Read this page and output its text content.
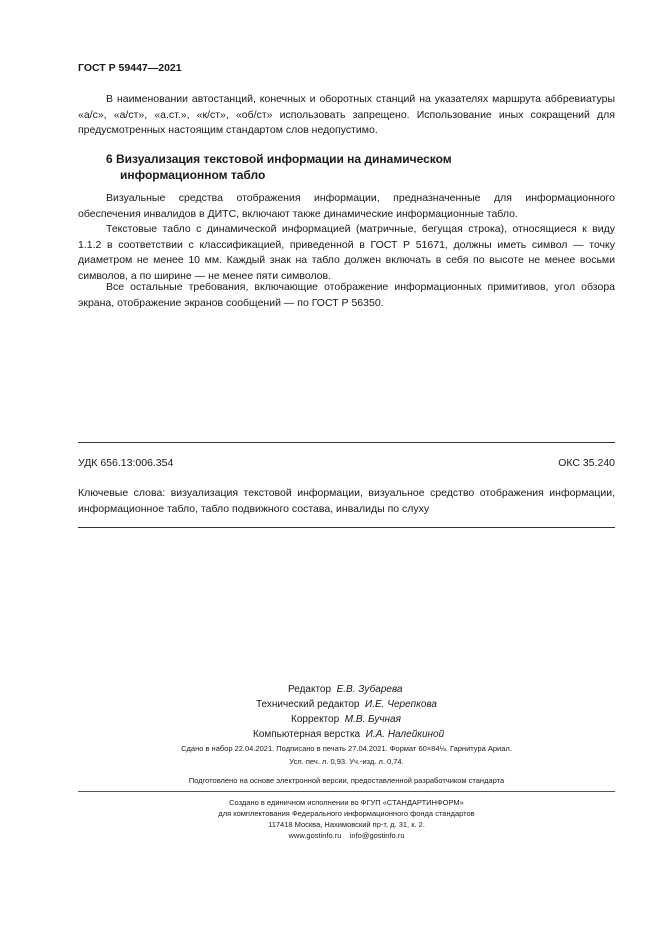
ГОСТ Р 59447—2021
В наименовании автостанций, конечных и оборотных станций на указателях маршрута аббревиатуры «а/с», «а/ст», «а.ст.», «к/ст», «об/ст» использовать запрещено. Использование иных сокращений для предусмотренных настоящим стандартом слов недопустимо.
6 Визуализация текстовой информации на динамическом
информационном табло
Визуальные средства отображения информации, предназначенные для информационного обеспечения инвалидов в ДИТС, включают также динамические информационные табло.
Текстовые табло с динамической информацией (матричные, бегущая строка), относящиеся к виду 1.1.2 в соответствии с классификацией, приведенной в ГОСТ Р 51671, должны иметь символ — точку диаметром не менее 10 мм. Каждый знак на табло должен включать в себя по высоте не менее восьми символов, а по ширине — не менее пяти символов.
Все остальные требования, включающие отображение информационных примитивов, угол обзора экрана, отображение экранов сообщений — по ГОСТ Р 56350.
УДК 656.13:006.354	ОКС 35.240
Ключевые слова: визуализация текстовой информации, визуальное средство отображения информации, информационное табло, табло подвижного состава, инвалиды по слуху
Редактор Е.В. Зубарева
Технический редактор И.Е. Черепкова
Корректор М.В. Бучная
Компьютерная верстка И.А. Налейкиной
Сдано в набор 22.04.2021. Подписано в печать 27.04.2021. Формат 60×84⅛. Гарнитура Ариал.
Усл. печ. л. 0,93. Уч.-изд. л. 0,74.
Подготовлено на основе электронной версии, предоставленной разработчиком стандарта
Создано в единичном исполнении во ФГУП «СТАНДАРТИНФОРМ»
для комплектования Федерального информационного фонда стандартов
117418 Москва, Нахимовский пр-т, д. 31, к. 2.
www.gostinfo.ru    info@gostinfo.ru
